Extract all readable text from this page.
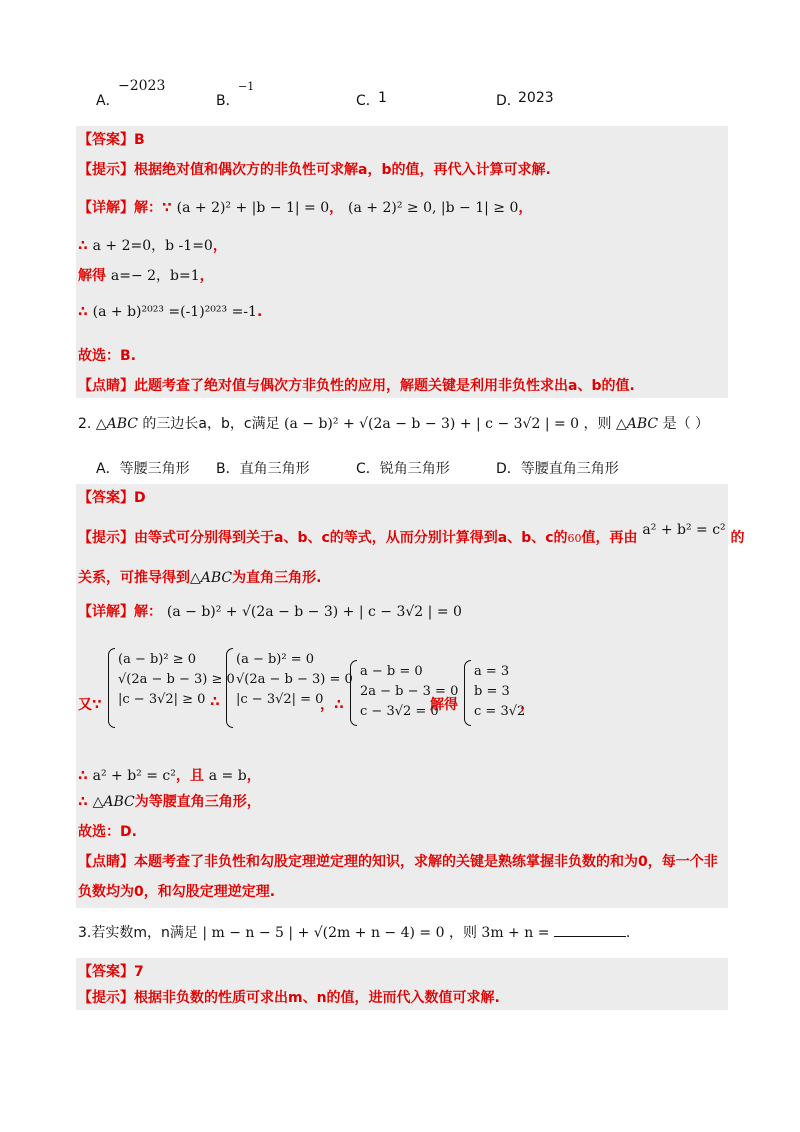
A．
−2023
B．
−1
C．
1	D．
2023
【答案】B
【提示】根据绝对值和偶次方的非负性可求解a，b的值，再代入计算可求解.
【详解】解：∵ (a + 2)² + |b − 1| = 0， (a + 2)² ≥ 0, |b − 1| ≥ 0，
∴ a + 2=0，b -1=0，
解得 a=− 2，b=1，
∴ (a + b)²⁰²³ =(-1)²⁰²³ =-1.
故选：B.
【点睛】此题考查了绝对值与偶次方非负性的应用，解题关键是利用非负性求出a、b的值.
2. △ABC 的三边长a，b，c满足 (a − b)² + √(2a − b − 3) + | c − 3√2 | = 0 ，则 △ABC 是（ ）
A．等腰三角形 B．直角三角形	C．锐角三角形	D．等腰直角三角形
【答案】D
【提示】由等式可分别得到关于a、b、c的等式，从而分别计算得到a、b、c的60值，再由 a² + b² = c² 的
关系，可推导得到△ABC为直角三角形.
【详解】解： (a − b)² + √(2a − b − 3) + | c − 3√2 | = 0
又∵
(a − b)² ≥ 0
√(2a − b − 3) ≥ 0
|c − 3√2| ≥ 0 ∴
(a − b)² = 0
√(2a − b − 3) = 0
|c − 3√2| = 0
，∴
a − b = 0
2a − b − 3 = 0
c − 3√2 = 0
解得
a = 3
b = 3
c = 3√2
，
∴ a² + b² = c²，且 a = b，
∴ △ABC为等腰直角三角形，
故选：D.
【点睛】本题考查了非负性和勾股定理逆定理的知识，求解的关键是熟练掌握非负数的和为0，每一个非
负数均为0，和勾股定理逆定理.
3.若实数m，n满足 | m − n − 5 | + √(2m + n − 4) = 0 ，则 3m + n =	.
【答案】7
【提示】根据非负数的性质可求出m、n的值，进而代入数值可求解.
